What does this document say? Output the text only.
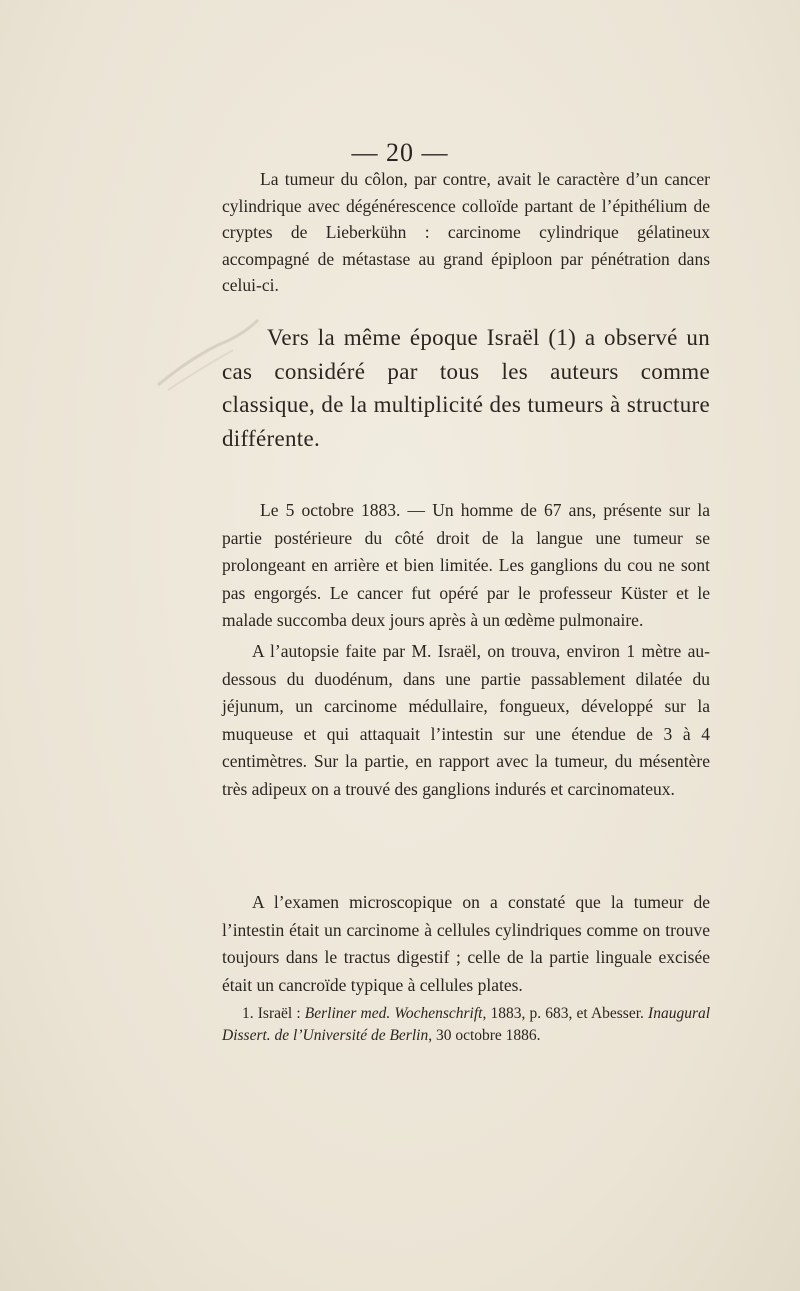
— 20 —

La tumeur du côlon, par contre, avait le caractère d’un cancer cylindrique avec dégénérescence colloïde partant de l’épithélium de cryptes de Lieberkühn : carcinome cylindrique gélatineux accompagné de métastase au grand épiploon par pénétration dans celui-ci.

Vers la même époque Israël (1) a observé un cas considéré par tous les auteurs comme classique, de la multiplicité des tumeurs à structure différente.

Le 5 octobre 1883. — Un homme de 67 ans, présente sur la partie postérieure du côté droit de la langue une tumeur se prolongeant en arrière et bien limitée. Les ganglions du cou ne sont pas engorgés. Le cancer fut opéré par le professeur Küster et le malade succomba deux jours après à un œdème pulmonaire.

A l’autopsie faite par M. Israël, on trouva, environ 1 mètre au-dessous du duodénum, dans une partie passablement dilatée du jéjunum, un carcinome médullaire, fongueux, développé sur la muqueuse et qui attaquait l’intestin sur une étendue de 3 à 4 centimètres. Sur la partie, en rapport avec la tumeur, du mésentère très adipeux on a trouvé des ganglions indurés et carcinomateux.

A l’examen microscopique on a constaté que la tumeur de l’intestin était un carcinome à cellules cylindriques comme on trouve toujours dans le tractus digestif ; celle de la partie linguale excisée était un cancroïde typique à cellules plates.

1. Israël : Berliner med. Wochenschrift, 1883, p. 683, et Abesser. Inaugural Dissert. de l’Université de Berlin, 30 octobre 1886.
